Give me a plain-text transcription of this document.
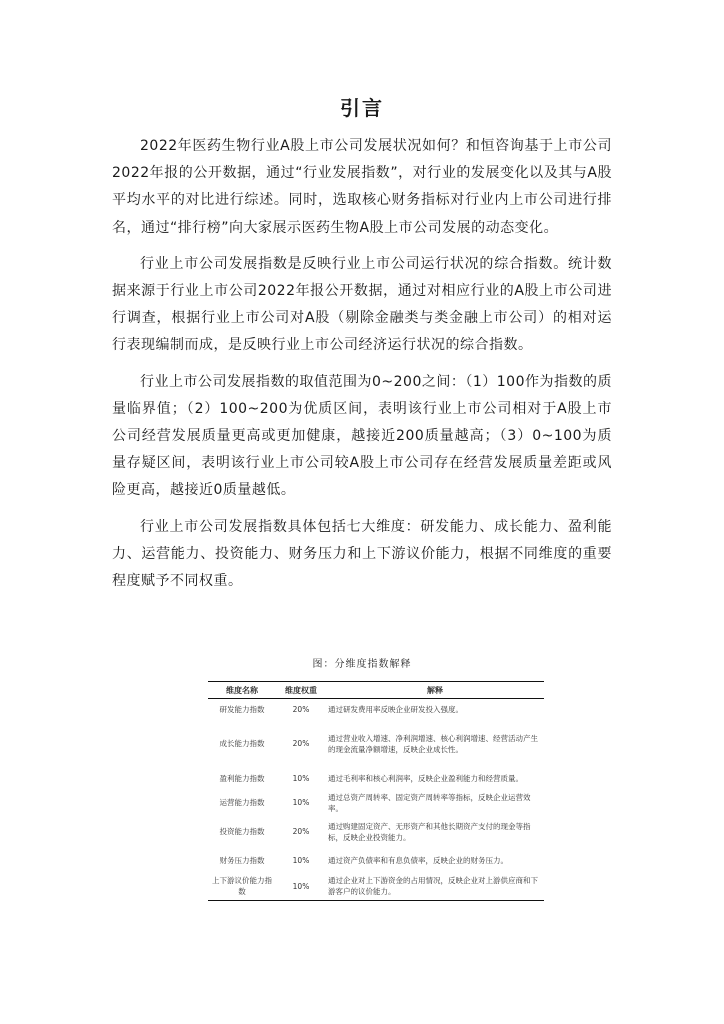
引言

2022年医药生物行业A股上市公司发展状况如何？和恒咨询基于上市公司2022年报的公开数据，通过“行业发展指数”，对行业的发展变化以及其与A股平均水平的对比进行综述。同时，选取核心财务指标对行业内上市公司进行排名，通过“排行榜”向大家展示医药生物A股上市公司发展的动态变化。

行业上市公司发展指数是反映行业上市公司运行状况的综合指数。统计数据来源于行业上市公司2022年报公开数据，通过对相应行业的A股上市公司进行调查，根据行业上市公司对A股（剔除金融类与类金融上市公司）的相对运行表现编制而成，是反映行业上市公司经济运行状况的综合指数。

行业上市公司发展指数的取值范围为0~200之间：（1）100作为指数的质量临界值；（2）100~200为优质区间，表明该行业上市公司相对于A股上市公司经营发展质量更高或更加健康，越接近200质量越高；（3）0~100为质量存疑区间，表明该行业上市公司较A股上市公司存在经营发展质量差距或风险更高，越接近0质量越低。

行业上市公司发展指数具体包括七大维度：研发能力、成长能力、盈利能力、运营能力、投资能力、财务压力和上下游议价能力，根据不同维度的重要程度赋予不同权重。

图：分维度指数解释
维度名称	维度权重	解释
研发能力指数	20%	通过研发费用率反映企业研发投入强度。
成长能力指数	20%	通过营业收入增速、净利润增速、核心利润增速、经营活动产生的现金流量净额增速，反映企业成长性。
盈利能力指数	10%	通过毛利率和核心利润率，反映企业盈利能力和经营质量。
运营能力指数	10%	通过总资产周转率、固定资产周转率等指标，反映企业运营效率。
投资能力指数	20%	通过购建固定资产、无形资产和其他长期资产支付的现金等指标，反映企业投资能力。
财务压力指数	10%	通过资产负债率和有息负债率，反映企业的财务压力。
上下游议价能力指数	10%	通过企业对上下游资金的占用情况，反映企业对上游供应商和下游客户的议价能力。
